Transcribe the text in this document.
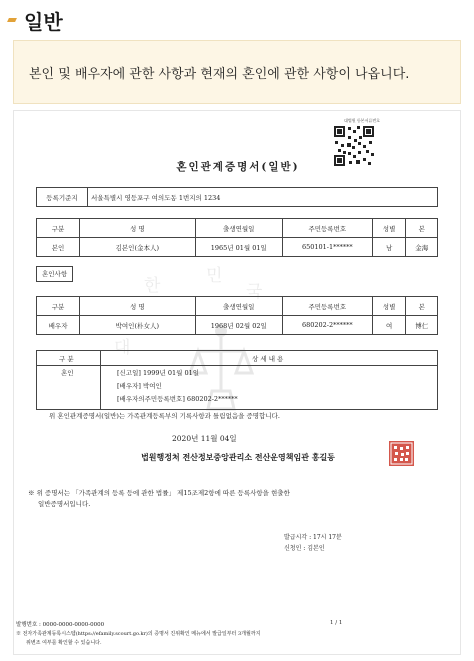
일반
본인 및 배우자에 관한 사항과 현재의 혼인에 관한 사항이 나옵니다.
한	민
국
대
대법원 등본서류번호
혼인관계증명서(일반)
등록기준지	서울특별시 영등포구 여의도동 1번지의 1234
구분	성 명	출생연월일	주민등록번호	성별	본
본인	김본인(金本人)	1965년 01월 01일	650101-1******	남	金海
혼인사항
구분	성 명	출생연월일	주민등록번호	성별	본
배우자	박여인(朴女人)	1968년 02월 02일	680202-2******	여	博仁
구 분	상 세 내 용
혼인	[신고일] 1999년 01월 01일
[배우자] 박여인
[배우자의주민등록번호] 680202-2******
위 혼인관계증명서(일반)는 가족관계등록부의 기록사항과 틀림없음을 증명합니다.
2020년 11월 04일
법원행정처 전산정보중앙관리소 전산운영책임관 홍길동
※ 위 증명서는 「가족관계의 등록 등에 관한 법률」 제15조제2항에 따른 등록사항을 현출한
일반증명서입니다.
발급시각 : 17시 17분
신청인 : 김본인
발행번호 : 0000-0000-0000-0000	1 / 1
※ 전자가족관계등록시스템(https://efamily.scourt.go.kr)의 증명서 진위확인 메뉴에서 발급일부터 3개월까지
위변조 여부를 확인할 수 있습니다.
